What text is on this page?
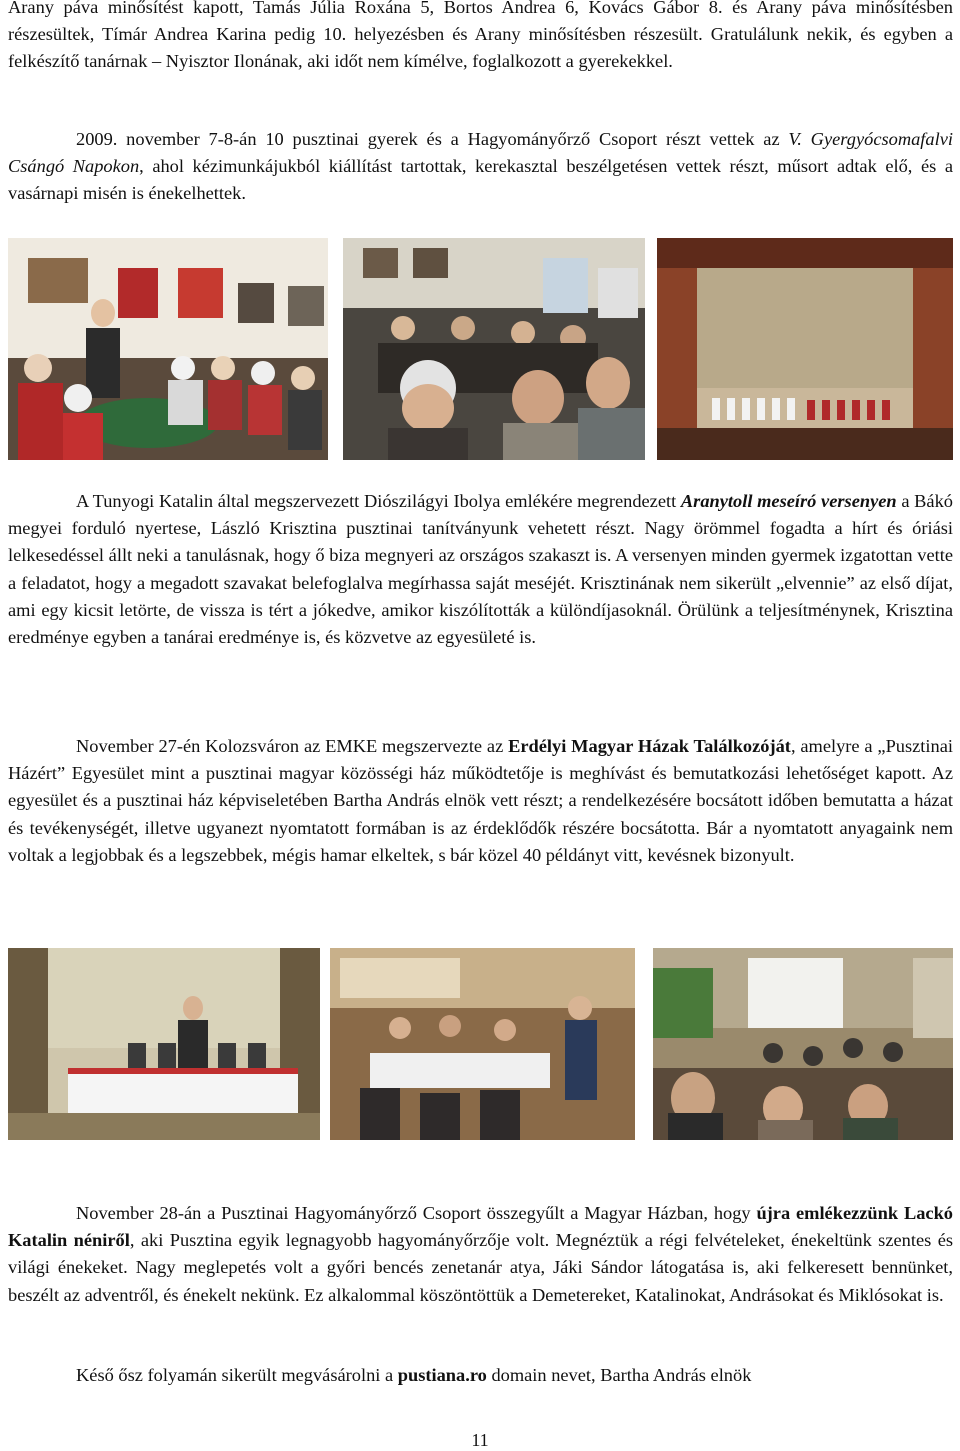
Arany páva minősítést kapott, Tamás Júlia Roxána 5, Bortos Andrea 6, Kovács Gábor 8. és Arany páva minősítésben részesültek, Tímár Andrea Karina pedig 10. helyezésben és Arany minősítésben részesült. Gratulálunk nekik, és egyben a felkészítő tanárnak – Nyisztor Ilonának, aki időt nem kímélve, foglalkozott a gyerekekkel.

2009. november 7-8-án 10 pusztinai gyerek és a Hagyományőrző Csoport részt vettek az V. Gyergyócsomafalvi Csángó Napokon, ahol kézimunkájukból kiállítást tartottak, kerekasztal beszélgetésen vettek részt, műsort adtak elő, és a vasárnapi misén is énekelhettek.

A Tunyogi Katalin által megszervezett Diószilágyi Ibolya emlékére megrendezett Aranytoll meseíró versenyen a Bákó megyei forduló nyertese, László Krisztina pusztinai tanítványunk vehetett részt. Nagy örömmel fogadta a hírt és óriási lelkesedéssel állt neki a tanulásnak, hogy ő biza megnyeri az országos szakaszt is. A versenyen minden gyermek izgatottan vette a feladatot, hogy a megadott szavakat belefoglalva megírhassa saját meséjét. Krisztinának nem sikerült „elvennie” az első díjat, ami egy kicsit letörte, de vissza is tért a jókedve, amikor kiszólították a különdíjasoknál. Örülünk a teljesítménynek, Krisztina eredménye egyben a tanárai eredménye is, és közvetve az egyesületé is.

November 27-én Kolozsváron az EMKE megszervezte az Erdélyi Magyar Házak Találkozóját, amelyre a „Pusztinai Házért” Egyesület mint a pusztinai magyar közösségi ház működtetője is meghívást és bemutatkozási lehetőséget kapott. Az egyesület és a pusztinai ház képviseletében Bartha András elnök vett részt; a rendelkezésére bocsátott időben bemutatta a házat és tevékenységét, illetve ugyanezt nyomtatott formában is az érdeklődők részére bocsátotta. Bár a nyomtatott anyagaink nem voltak a legjobbak és a legszebbek, mégis hamar elkeltek, s bár közel 40 példányt vitt, kevésnek bizonyult.

November 28-án a Pusztinai Hagyományőrző Csoport összegyűlt a Magyar Házban, hogy újra emlékezzünk Lackó Katalin néniről, aki Pusztina egyik legnagyobb hagyományőrzője volt. Megnéztük a régi felvételeket, énekeltünk szentes és világi énekeket. Nagy meglepetés volt a győri bencés zenetanár atya, Jáki Sándor látogatása is, aki felkeresett bennünket, beszélt az adventről, és énekelt nekünk. Ez alkalommal köszöntöttük a Demetereket, Katalinokat, Andrásokat és Miklósokat is.

Késő ősz folyamán sikerült megvásárolni a pustiana.ro domain nevet, Bartha András elnök

11
